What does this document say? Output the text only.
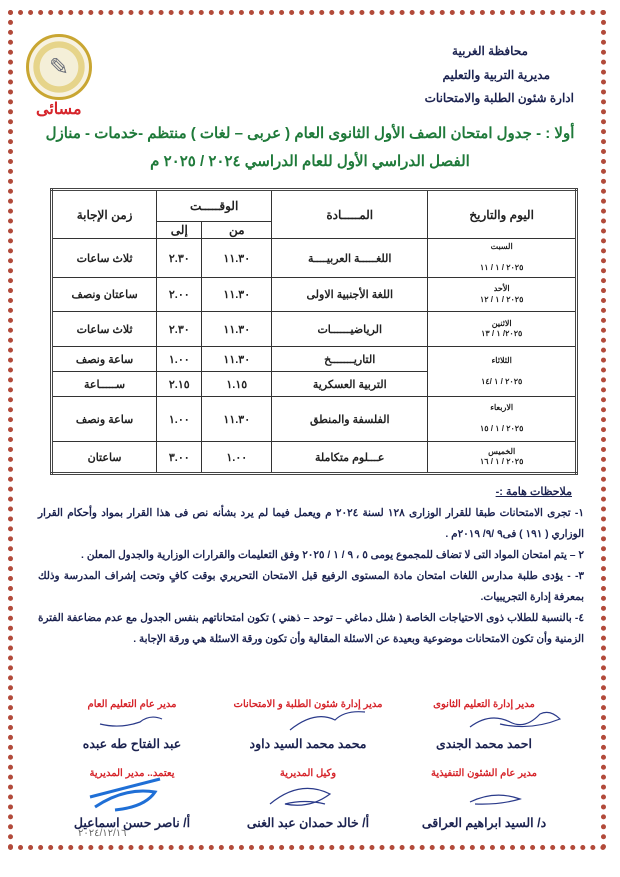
✎
محافظة الغربية
مديرية التربية والتعليم
ادارة شئون الطلبة والامتحانات
مسائى
أولا : - جدول امتحان الصف الأول الثانوى العام ( عربى – لغات ) منتظم -خدمات - منازل
الفصل الدراسي الأول للعام الدراسي ٢٠٢٤ / ٢٠٢٥ م
اليوم والتاريخ	المـــــادة	الوقـــــت		زمن الإجابة
		من	إلى	

السبت

٢٠٢٥ / ١ / ١١	اللغـــــة العربيــــة	١١.٣٠	٢.٣٠	ثلاث ساعات

الأحد
٢٠٢٥ / ١ / ١٢	اللغة الأجنبية الاولى	١١.٣٠	٢.٠٠	ساعتان ونصف

الاثنين
٢٠٢٥/ ١ / ١٣	الرياضيــــــات	١١.٣٠	٢.٣٠	ثلاث ساعات

الثلاثاء

٢٠٢٥ / ١ /١٤	التاريـــــــخ	١١.٣٠	١.٠٠	ساعة ونصف
	التربية العسكرية	١.١٥	٢.١٥	ســـــاعة

الاربعاء

٢٠٢٥ / ١ / ١٥	الفلسفة والمنطق	١١.٣٠	١.٠٠	ساعة ونصف

الخميس
٢٠٢٥ / ١ / ١٦	عـــلوم متكاملة	١.٠٠	٣.٠٠	ساعتان
ملاحظات هامة :-
١- تجرى الامتحانات طبقا للقرار الوزارى ١٢٨ لسنة ٢٠٢٤ م ويعمل فيما لم يرد بشأنه نص فى هذا القرار بمواد وأحكام القرار الوزاري ( ١٩١ ) فى٩ /٩/ ٢٠١٩م .
٢ – يتم امتحان المواد التى لا تضاف للمجموع يومى ٥ ، ٩ / ١ / ٢٠٢٥ وفق التعليمات والقرارات الوزارية والجدول المعلن .
٣- - يؤدى طلبة مدارس اللغات امتحان مادة المستوى الرفيع قبل الامتحان التحريري بوقت كافٍ وتحت إشراف المدرسة وذلك بمعرفة إدارة التجريبيات.
٤- بالنسبة للطلاب ذوى الاحتياجات الخاصة ( شلل دماغي – توحد – ذهني ) تكون امتحاناتهم بنفس الجدول مع عدم مضاعفة الفترة الزمنية وأن تكون الامتحانات موضوعية وبعيدة عن الاسئلة المقالية وأن تكون ورقة الاسئلة هي ورقة الإجابة .
مدير إدارة التعليم الثانوى
احمد محمد الجندى
مدير إدارة شئون الطلبة و الامتحانات
محمد محمد السيد داود
مدير عام التعليم العام
عبد الفتاح طه عبده
مدير عام الشئون التنفيذية
د/ السيد ابراهيم العراقى
وكيل المديرية
أ/ خالد حمدان عبد الغنى
يعتمد.. مدير المديرية
أ/ ناصر حسن اسماعيل
٢٠٢٤/١٢/١٦
